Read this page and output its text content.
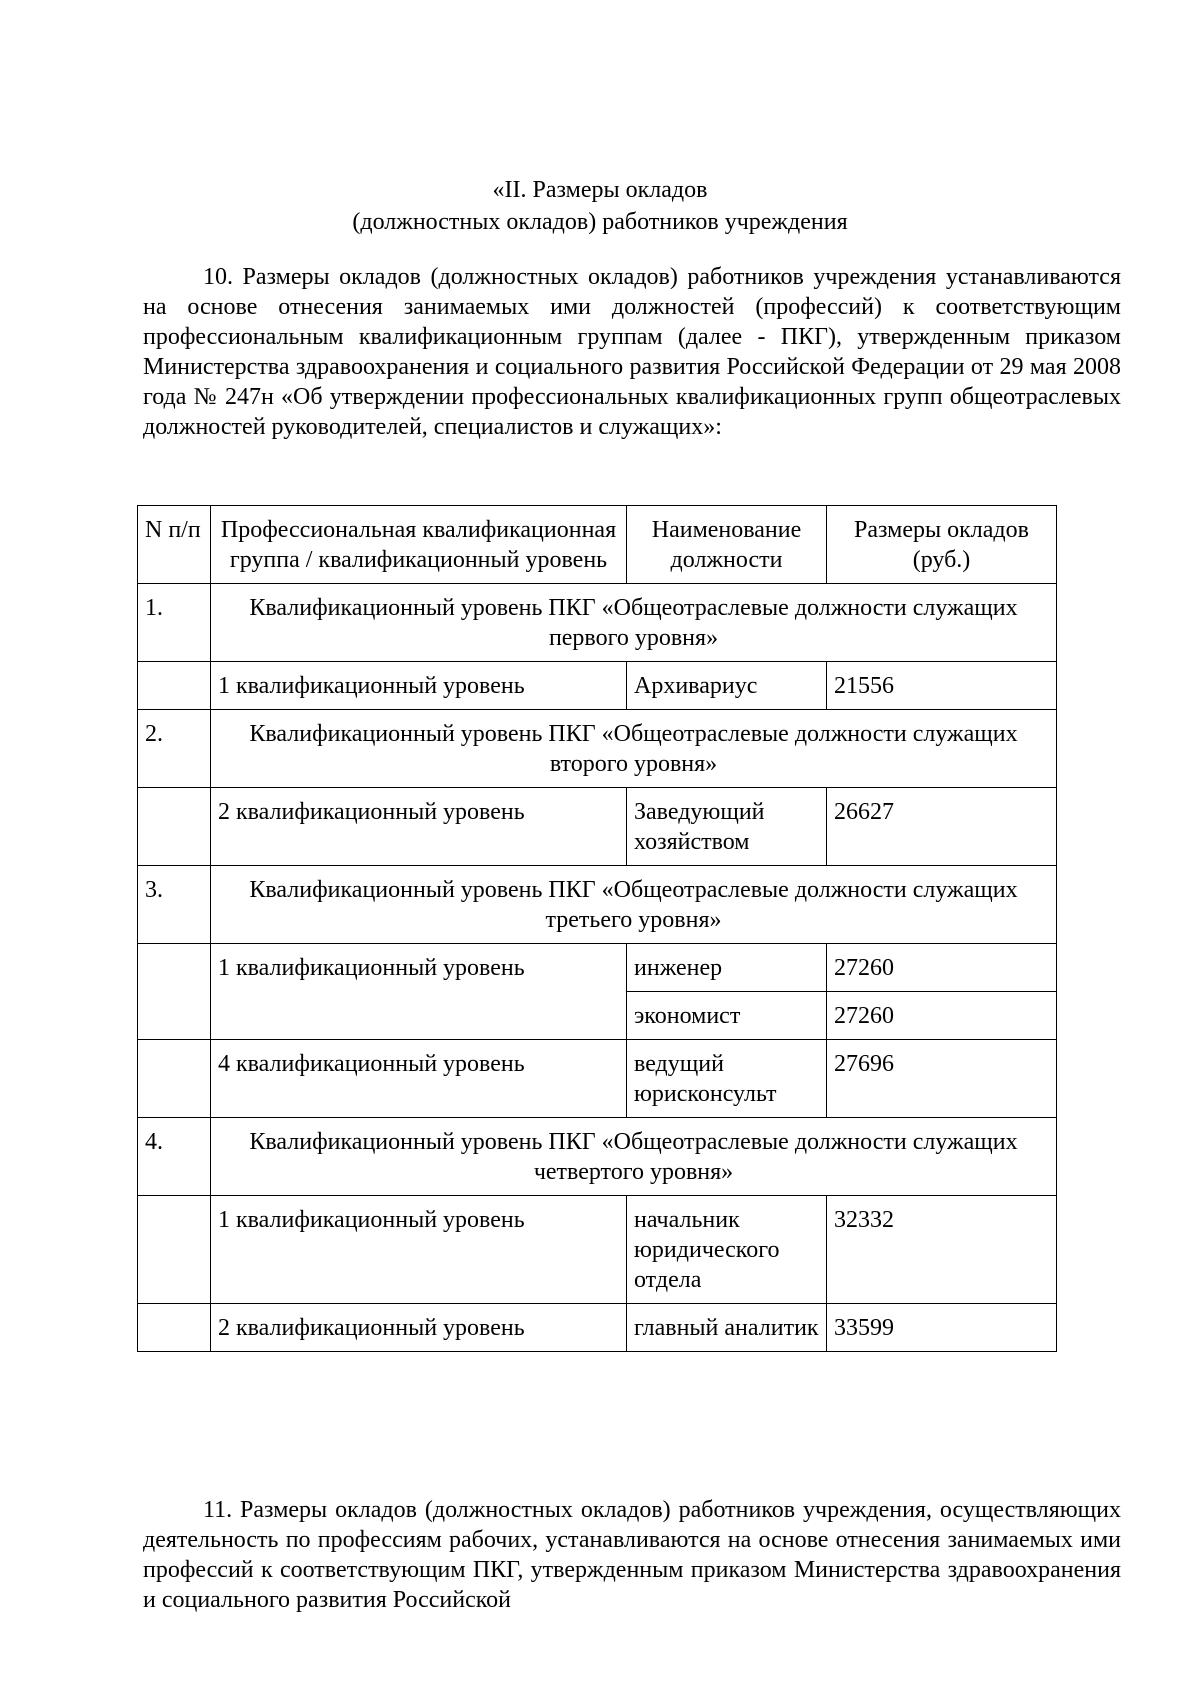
«II. Размеры окладов
(должностных окладов) работников учреждения

10. Размеры окладов (должностных окладов) работников учреждения устанавливаются на основе отнесения занимаемых ими должностей (профессий) к соответствующим профессиональным квалификационным группам (далее - ПКГ), утвержденным приказом Министерства здравоохранения и социального развития Российской Федерации от 29 мая 2008 года № 247н «Об утверждении профессиональных квалификационных групп общеотраслевых должностей руководителей, специалистов и служащих»:

N п/п	Профессиональная квалификационная группа / квалификационный уровень	Наименование должности	Размеры окладов (руб.)
1.	Квалификационный уровень ПКГ «Общеотраслевые должности служащих первого уровня»		
	1 квалификационный уровень	Архивариус	21556
2.	Квалификационный уровень ПКГ «Общеотраслевые должности служащих второго уровня»		
	2 квалификационный уровень	Заведующий хозяйством	26627
3.	Квалификационный уровень ПКГ «Общеотраслевые должности служащих третьего уровня»		
	1 квалификационный уровень	инженер	27260
		экономист	27260
	4 квалификационный уровень	ведущий юрисконсульт	27696
4.	Квалификационный уровень ПКГ «Общеотраслевые должности служащих четвертого уровня»		
	1 квалификационный уровень	начальник юридического отдела	32332
	2 квалификационный уровень	главный аналитик	33599

11. Размеры окладов (должностных окладов) работников учреждения, осуществляющих деятельность по профессиям рабочих, устанавливаются на основе отнесения занимаемых ими профессий к соответствующим ПКГ, утвержденным приказом Министерства здравоохранения и социального развития Российской
